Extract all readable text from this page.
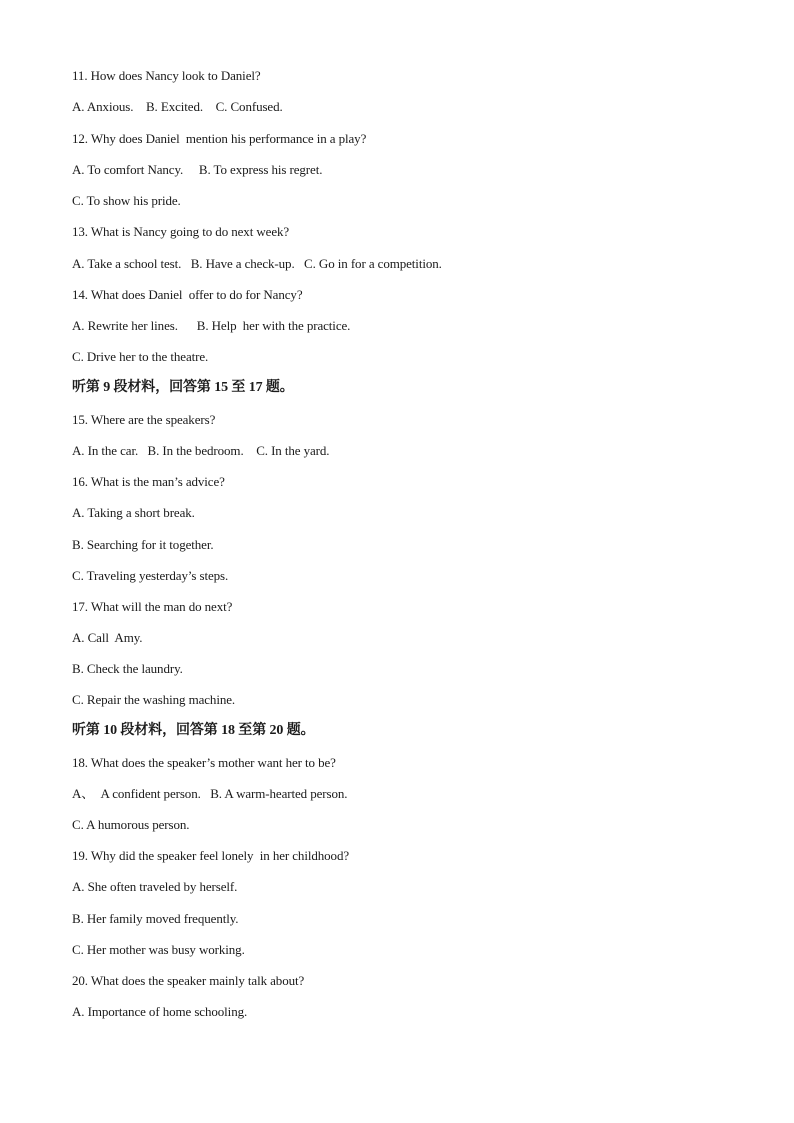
11. How does Nancy look to Daniel?
A. Anxious.    B. Excited.    C. Confused.
12. Why does Daniel  mention his performance in a play?
A. To comfort Nancy.     B. To express his regret.
C. To show his pride.
13. What is Nancy going to do next week?
A. Take a school test.   B. Have a check-up.   C. Go in for a competition.
14. What does Daniel  offer to do for Nancy?
A. Rewrite her lines.      B. Help  her with the practice.
C. Drive her to the theatre.
听第 9 段材料，回答第 15 至 17 题。
15. Where are the speakers?
A. In the car.   B. In the bedroom.    C. In the yard.
16. What is the man’s advice?
A. Taking a short break.
B. Searching for it together.
C. Traveling yesterday’s steps.
17. What will the man do next?
A. Call  Amy.
B. Check the laundry.
C. Repair the washing machine.
听第 10 段材料，回答第 18 至第 20 题。
18. What does the speaker’s mother want her to be?
A、  A confident person.   B. A warm-hearted person.
C. A humorous person.
19. Why did the speaker feel lonely  in her childhood?
A. She often traveled by herself.
B. Her family moved frequently.
C. Her mother was busy working.
20. What does the speaker mainly talk about?
A. Importance of home schooling.
